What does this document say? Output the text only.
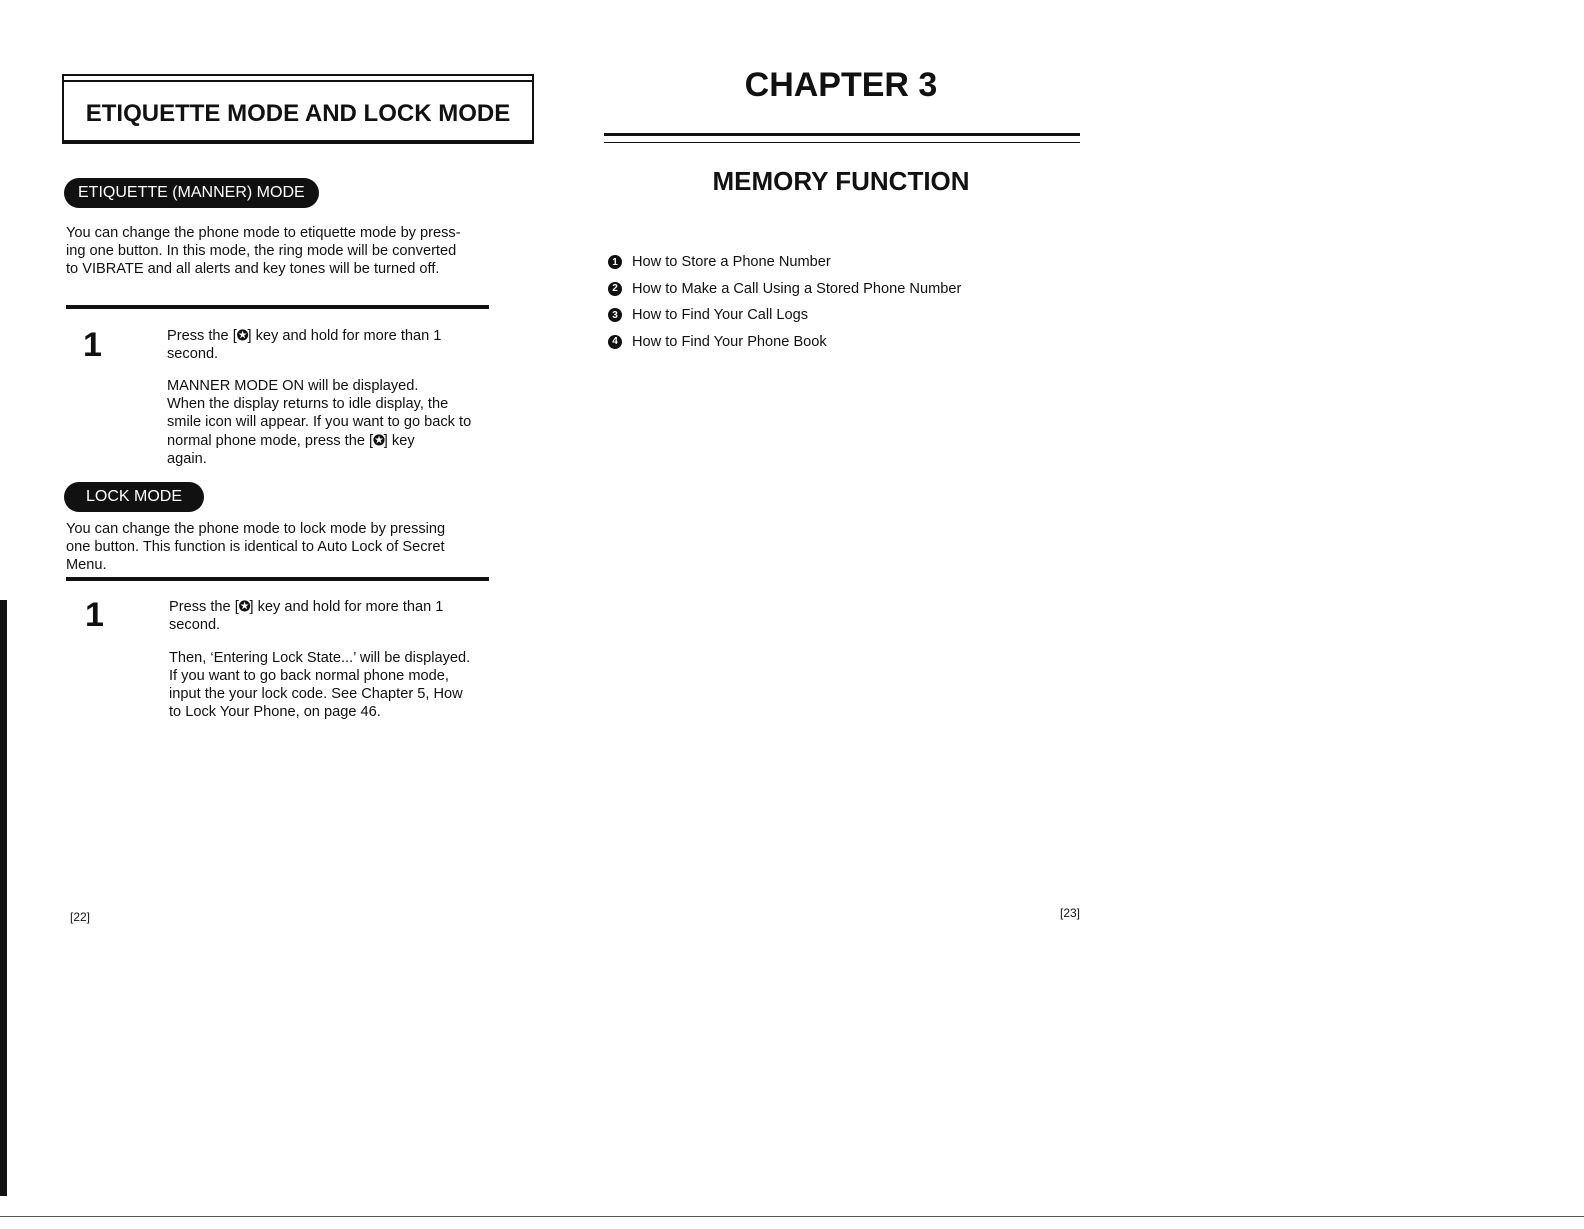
ETIQUETTE MODE AND LOCK MODE
ETIQUETTE (MANNER) MODE
You can change the phone mode to etiquette mode by press-
ing one button. In this mode, the ring mode will be converted
to VIBRATE and all alerts and key tones will be turned off.
1	Press the [✪] key and hold for more than 1
second.
MANNER MODE ON will be displayed.
When the display returns to idle display, the
smile icon will appear. If you want to go back to
normal phone mode, press the [✪] key
again.
LOCK MODE
You can change the phone mode to lock mode by pressing
one button. This function is identical to Auto Lock of Secret
Menu.
1	Press the [✪] key and hold for more than 1
second.
Then, ‘Entering Lock State...’ will be displayed.
If you want to go back normal phone mode,
input the your lock code. See Chapter 5, How
to Lock Your Phone, on page 46.
[22]
CHAPTER 3
MEMORY FUNCTION
1 How to Store a Phone Number
2 How to Make a Call Using a Stored Phone Number
3 How to Find Your Call Logs
4 How to Find Your Phone Book
[23]
